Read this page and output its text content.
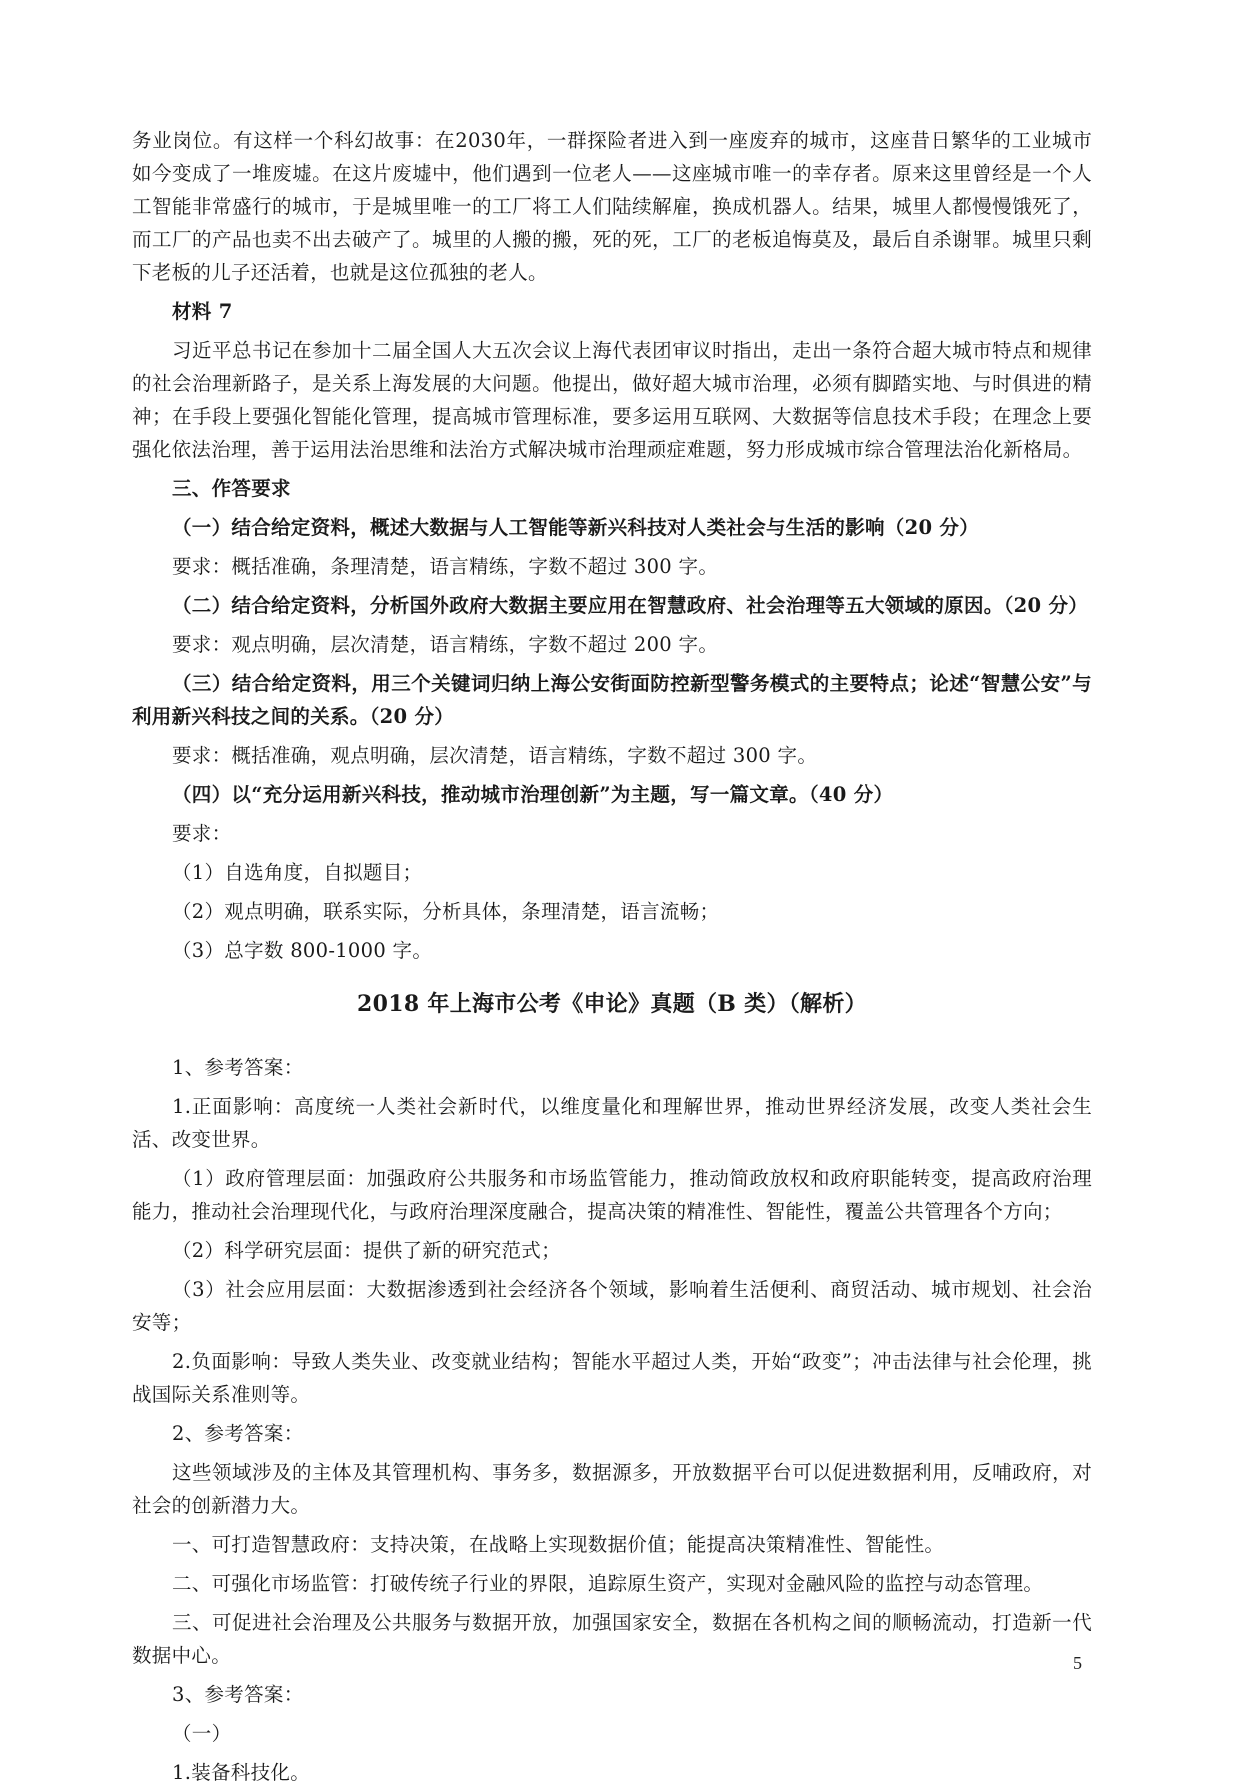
务业岗位。有这样一个科幻故事：在2030年，一群探险者进入到一座废弃的城市，这座昔日繁华的工业城市如今变成了一堆废墟。在这片废墟中，他们遇到一位老人——这座城市唯一的幸存者。原来这里曾经是一个人工智能非常盛行的城市，于是城里唯一的工厂将工人们陆续解雇，换成机器人。结果，城里人都慢慢饿死了，而工厂的产品也卖不出去破产了。城里的人搬的搬，死的死，工厂的老板追悔莫及，最后自杀谢罪。城里只剩下老板的儿子还活着，也就是这位孤独的老人。

材料 7

习近平总书记在参加十二届全国人大五次会议上海代表团审议时指出，走出一条符合超大城市特点和规律的社会治理新路子，是关系上海发展的大问题。他提出，做好超大城市治理，必须有脚踏实地、与时俱进的精神；在手段上要强化智能化管理，提高城市管理标准，要多运用互联网、大数据等信息技术手段；在理念上要强化依法治理，善于运用法治思维和法治方式解决城市治理顽症难题，努力形成城市综合管理法治化新格局。

三、作答要求

（一）结合给定资料，概述大数据与人工智能等新兴科技对人类社会与生活的影响（20 分）

要求：概括准确，条理清楚，语言精练，字数不超过 300 字。

（二）结合给定资料，分析国外政府大数据主要应用在智慧政府、社会治理等五大领域的原因。（20 分）

要求：观点明确，层次清楚，语言精练，字数不超过 200 字。

（三）结合给定资料，用三个关键词归纳上海公安街面防控新型警务模式的主要特点；论述“智慧公安”与利用新兴科技之间的关系。（20 分）

要求：概括准确，观点明确，层次清楚，语言精练，字数不超过 300 字。

（四）以“充分运用新兴科技，推动城市治理创新”为主题，写一篇文章。（40 分）

要求：

（1）自选角度，自拟题目；

（2）观点明确，联系实际，分析具体，条理清楚，语言流畅；

（3）总字数 800-1000 字。

2018 年上海市公考《申论》真题（B 类）（解析）

1、参考答案：

1.正面影响：高度统一人类社会新时代，以维度量化和理解世界，推动世界经济发展，改变人类社会生活、改变世界。

（1）政府管理层面：加强政府公共服务和市场监管能力，推动简政放权和政府职能转变，提高政府治理能力，推动社会治理现代化，与政府治理深度融合，提高决策的精准性、智能性，覆盖公共管理各个方向；

（2）科学研究层面：提供了新的研究范式；

（3）社会应用层面：大数据渗透到社会经济各个领域，影响着生活便利、商贸活动、城市规划、社会治安等；

2.负面影响：导致人类失业、改变就业结构；智能水平超过人类，开始“政变”；冲击法律与社会伦理，挑战国际关系准则等。

2、参考答案：

这些领域涉及的主体及其管理机构、事务多，数据源多，开放数据平台可以促进数据利用，反哺政府，对社会的创新潜力大。

一、可打造智慧政府：支持决策，在战略上实现数据价值；能提高决策精准性、智能性。

二、可强化市场监管：打破传统子行业的界限，追踪原生资产，实现对金融风险的监控与动态管理。

三、可促进社会治理及公共服务与数据开放，加强国家安全，数据在各机构之间的顺畅流动，打造新一代数据中心。

3、参考答案：

（一）

1.装备科技化。

5
